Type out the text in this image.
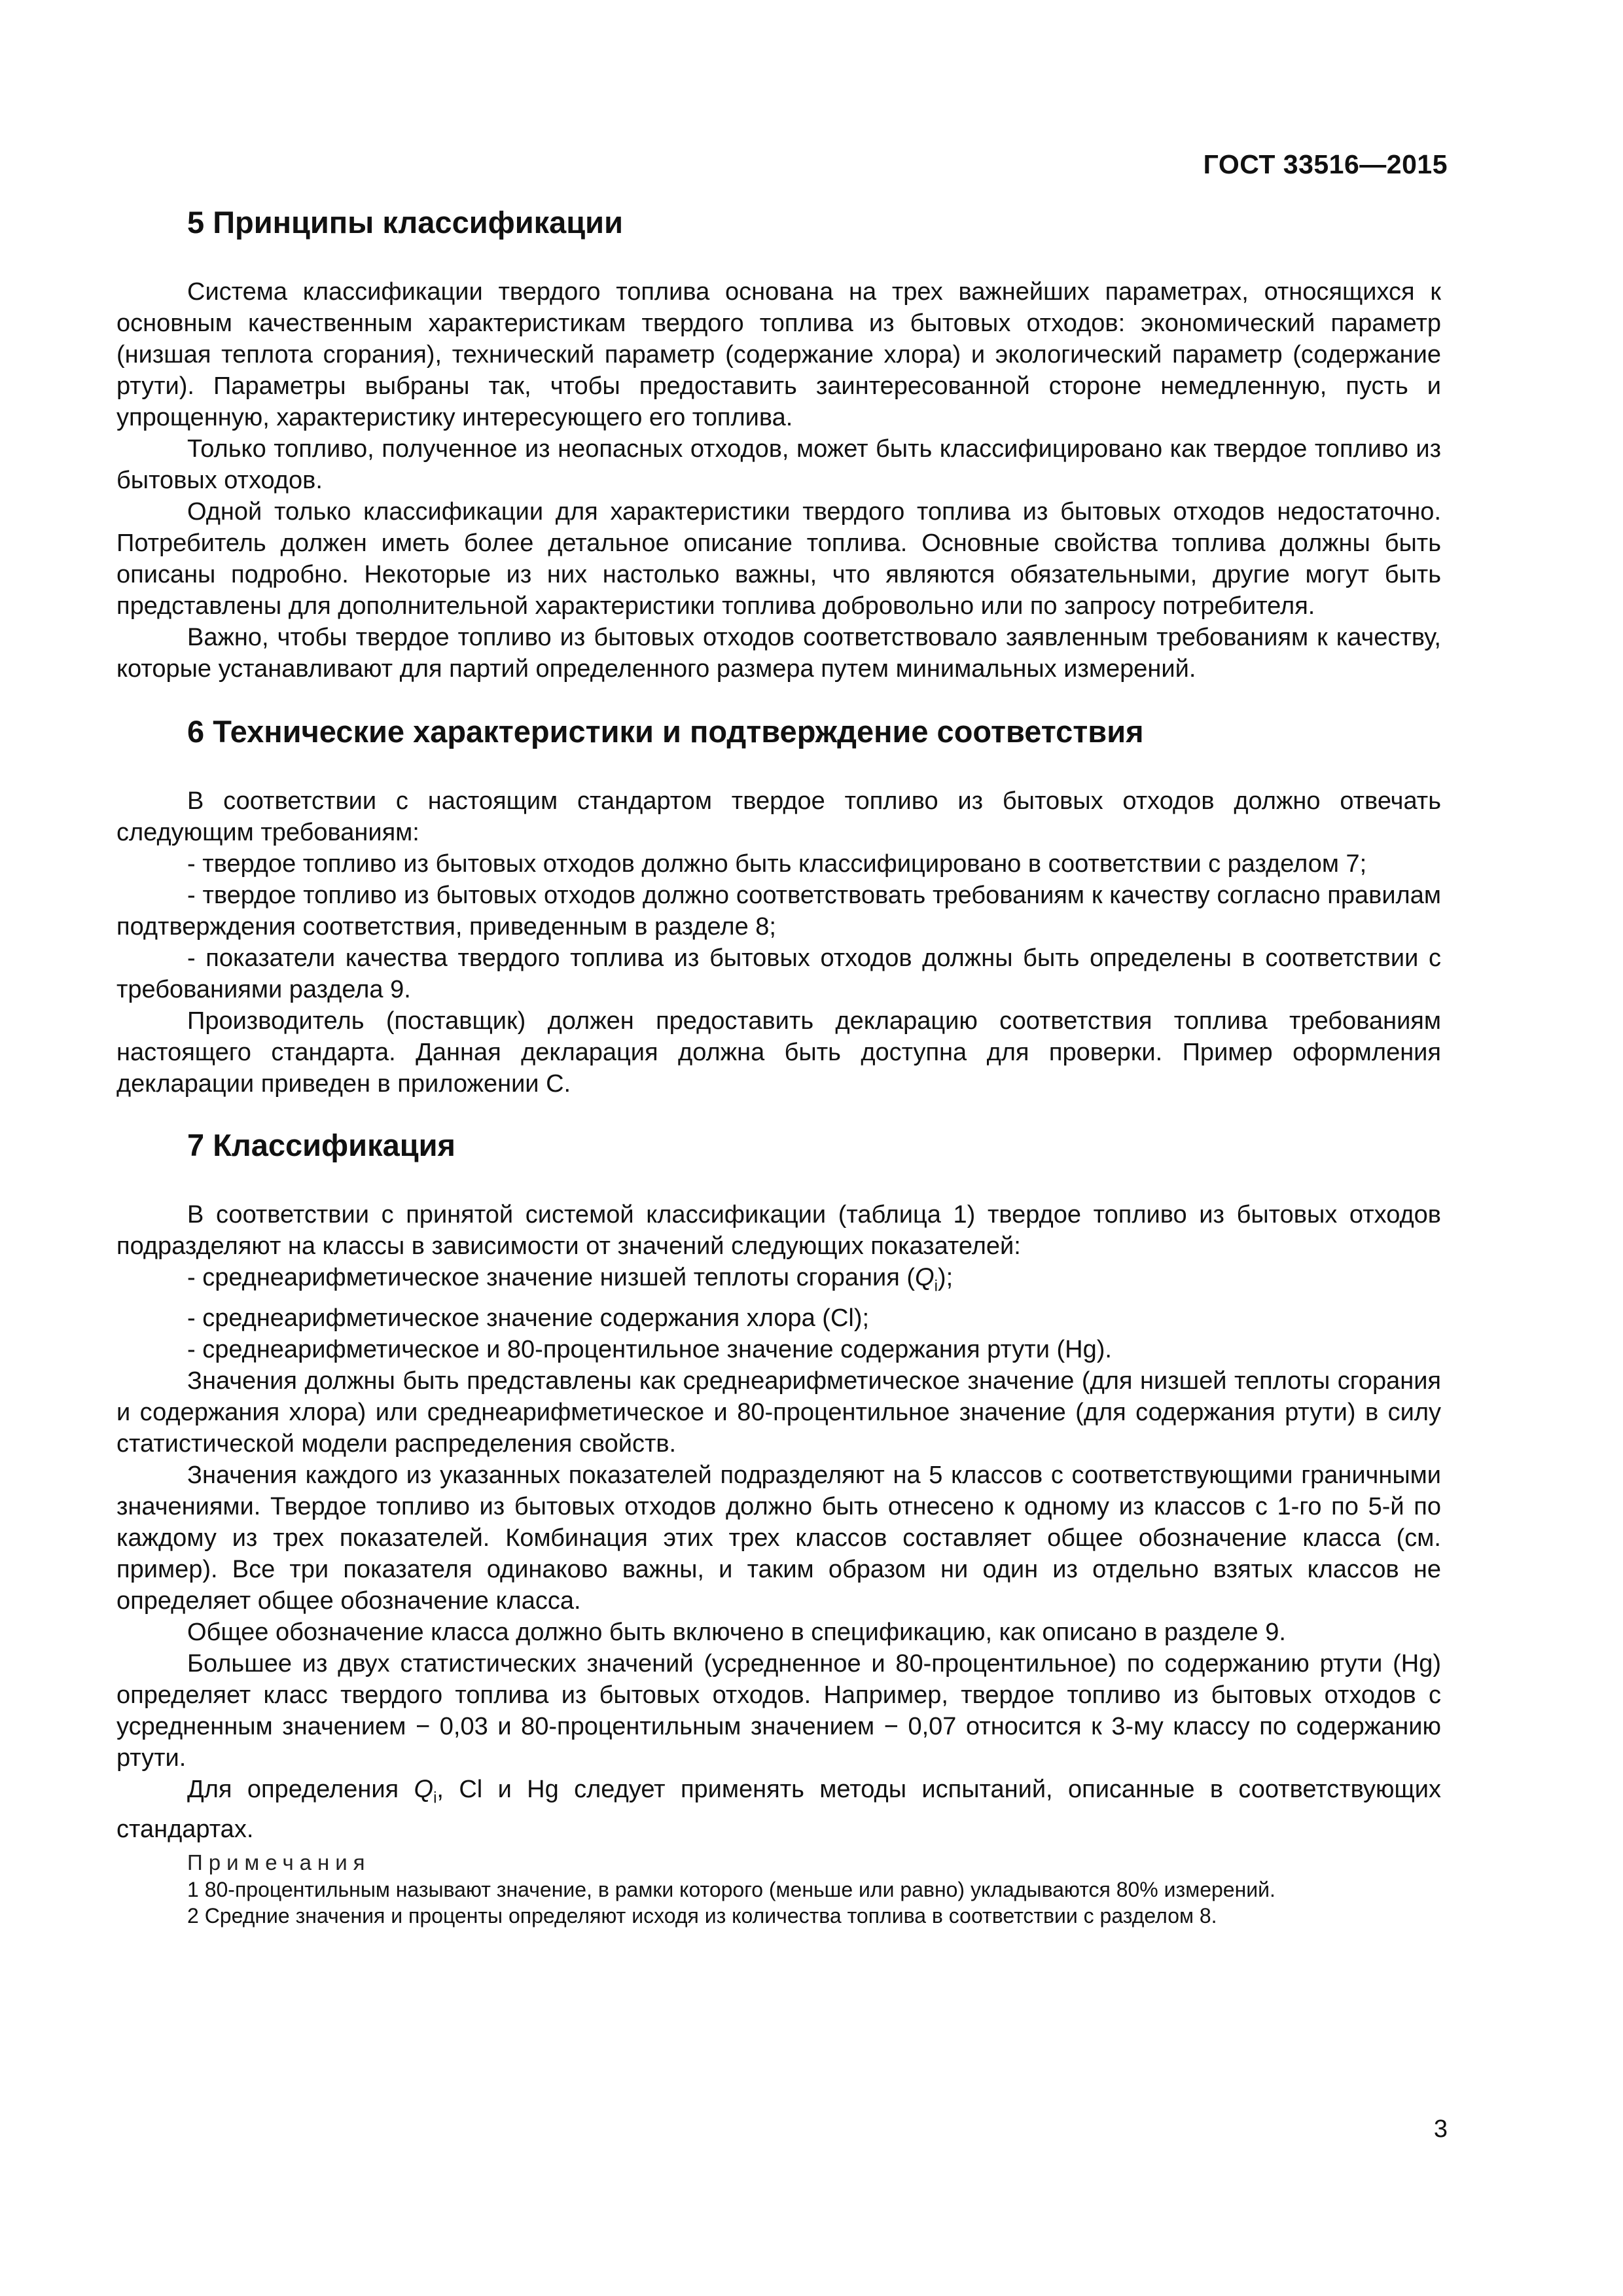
ГОСТ 33516—2015
5 Принципы классификации

Система классификации твердого топлива основана на трех важнейших параметрах, относящихся к основным качественным характеристикам твердого топлива из бытовых отходов: экономический параметр (низшая теплота сгорания), технический параметр (содержание хлора) и экологический параметр (содержание ртути). Параметры выбраны так, чтобы предоставить заинтересованной стороне немедленную, пусть и упрощенную, характеристику интересующего его топлива.

Только топливо, полученное из неопасных отходов, может быть классифицировано как твердое топливо из бытовых отходов.

Одной только классификации для характеристики твердого топлива из бытовых отходов недостаточно. Потребитель должен иметь более детальное описание топлива. Основные свойства топлива должны быть описаны подробно. Некоторые из них настолько важны, что являются обязательными, другие могут быть представлены для дополнительной характеристики топлива добровольно или по запросу потребителя.

Важно, чтобы твердое топливо из бытовых отходов соответствовало заявленным требованиям к качеству, которые устанавливают для партий определенного размера путем минимальных измерений.

6 Технические характеристики и подтверждение соответствия

В соответствии с настоящим стандартом твердое топливо из бытовых отходов должно отвечать следующим требованиям:

- твердое топливо из бытовых отходов должно быть классифицировано в соответствии с разделом 7;

- твердое топливо из бытовых отходов должно соответствовать требованиям к качеству согласно правилам подтверждения соответствия, приведенным в разделе 8;

- показатели качества твердого топлива из бытовых отходов должны быть определены в соответствии с требованиями раздела 9.

Производитель (поставщик) должен предоставить декларацию соответствия топлива требованиям настоящего стандарта. Данная декларация должна быть доступна для проверки. Пример оформления декларации приведен в приложении С.

7 Классификация

В соответствии с принятой системой классификации (таблица 1) твердое топливо из бытовых отходов подразделяют на классы в зависимости от значений следующих показателей:

- среднеарифметическое значение низшей теплоты сгорания $(Q_i)$;

- среднеарифметическое значение содержания хлора (Cl);

- среднеарифметическое и 80-процентильное значение содержания ртути (Hg).

Значения должны быть представлены как среднеарифметическое значение (для низшей теплоты сгорания и содержания хлора) или среднеарифметическое и 80-процентильное значение (для содержания ртути) в силу статистической модели распределения свойств.

Значения каждого из указанных показателей подразделяют на 5 классов с соответствующими граничными значениями. Твердое топливо из бытовых отходов должно быть отнесено к одному из классов с 1-го по 5-й по каждому из трех показателей. Комбинация этих трех классов составляет общее обозначение класса (см. пример). Все три показателя одинаково важны, и таким образом ни один из отдельно взятых классов не определяет общее обозначение класса.

Общее обозначение класса должно быть включено в спецификацию, как описано в разделе 9.

Большее из двух статистических значений (усредненное и 80-процентильное) по содержанию ртути (Hg) определяет класс твердого топлива из бытовых отходов. Например, твердое топливо из бытовых отходов с усредненным значением − 0,03 и 80-процентильным значением − 0,07 относится к 3-му классу по содержанию ртути.

Для определения $Q_i$, Cl и Hg следует применять методы испытаний, описанные в соответствующих стандартах.

Примечания

1 80-процентильным называют значение, в рамки которого (меньше или равно) укладываются 80% измерений.

2 Средние значения и проценты определяют исходя из количества топлива в соответствии с разделом 8.

3
